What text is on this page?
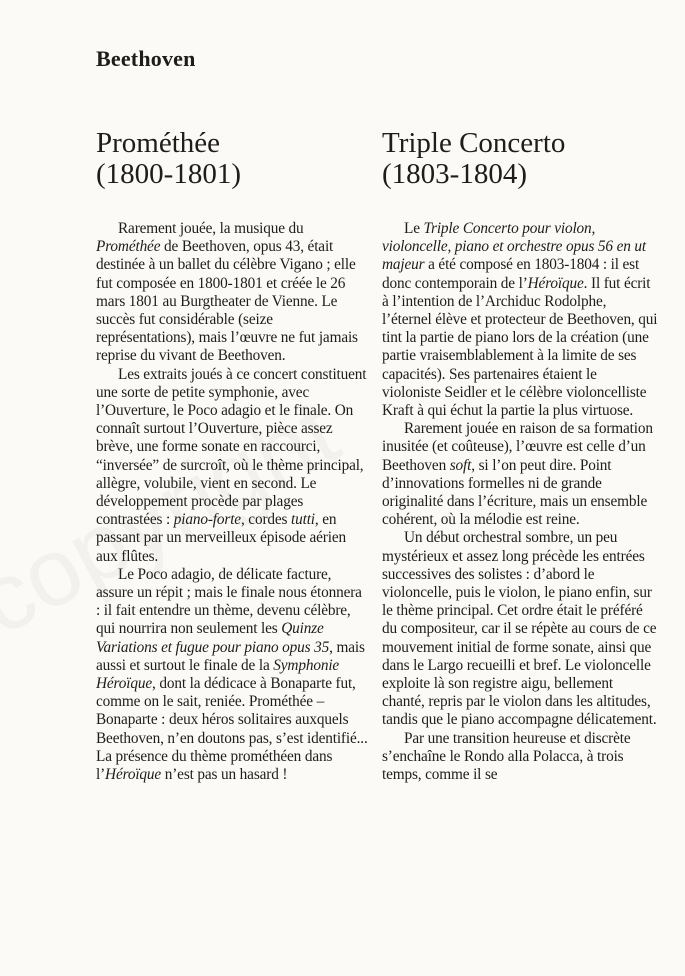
Beethoven
Prométhée
(1800-1801)
Triple Concerto
(1803-1804)

Rarement jouée, la musique du Prométhée de Beethoven, opus 43, était destinée à un ballet du célèbre Vigano ; elle fut composée en 1800-1801 et créée le 26 mars 1801 au Burgtheater de Vienne. Le succès fut considérable (seize représentations), mais l’œuvre ne fut jamais reprise du vivant de Beethoven.

Les extraits joués à ce concert constituent une sorte de petite symphonie, avec l’Ouverture, le Poco adagio et le finale. On connaît surtout l’Ouverture, pièce assez brève, une forme sonate en raccourci, “inversée” de surcroît, où le thème principal, allègre, volubile, vient en second. Le développement procède par plages contrastées : piano-forte, cordes tutti, en passant par un merveilleux épisode aérien aux flûtes.

Le Poco adagio, de délicate facture, assure un répit ; mais le finale nous étonnera : il fait entendre un thème, devenu célèbre, qui nourrira non seulement les Quinze Variations et fugue pour piano opus 35, mais aussi et surtout le finale de la Symphonie Héroïque, dont la dédicace à Bonaparte fut, comme on le sait, reniée. Prométhée – Bonaparte : deux héros solitaires auxquels Beethoven, n’en doutons pas, s’est identifié... La présence du thème prométhéen dans l’Héroïque n’est pas un hasard !

Le Triple Concerto pour violon, violoncelle, piano et orchestre opus 56 en ut majeur a été composé en 1803-1804 : il est donc contemporain de l’Héroïque. Il fut écrit à l’intention de l’Archiduc Rodolphe, l’éternel élève et protecteur de Beethoven, qui tint la partie de piano lors de la création (une partie vraisemblablement à la limite de ses capacités). Ses partenaires étaient le violoniste Seidler et le célèbre violoncelliste Kraft à qui échut la partie la plus virtuose.

Rarement jouée en raison de sa formation inusitée (et coûteuse), l’œuvre est celle d’un Beethoven soft, si l’on peut dire. Point d’innovations formelles ni de grande originalité dans l’écriture, mais un ensemble cohérent, où la mélodie est reine.

Un début orchestral sombre, un peu mystérieux et assez long précède les entrées successives des solistes : d’abord le violoncelle, puis le violon, le piano enfin, sur le thème principal. Cet ordre était le préféré du compositeur, car il se répète au cours de ce mouvement initial de forme sonate, ainsi que dans le Largo recueilli et bref. Le violoncelle exploite là son registre aigu, bellement chanté, repris par le violon dans les altitudes, tandis que le piano accompagne délicatement.

Par une transition heureuse et discrète s’enchaîne le Rondo alla Polacca, à trois temps, comme il se
